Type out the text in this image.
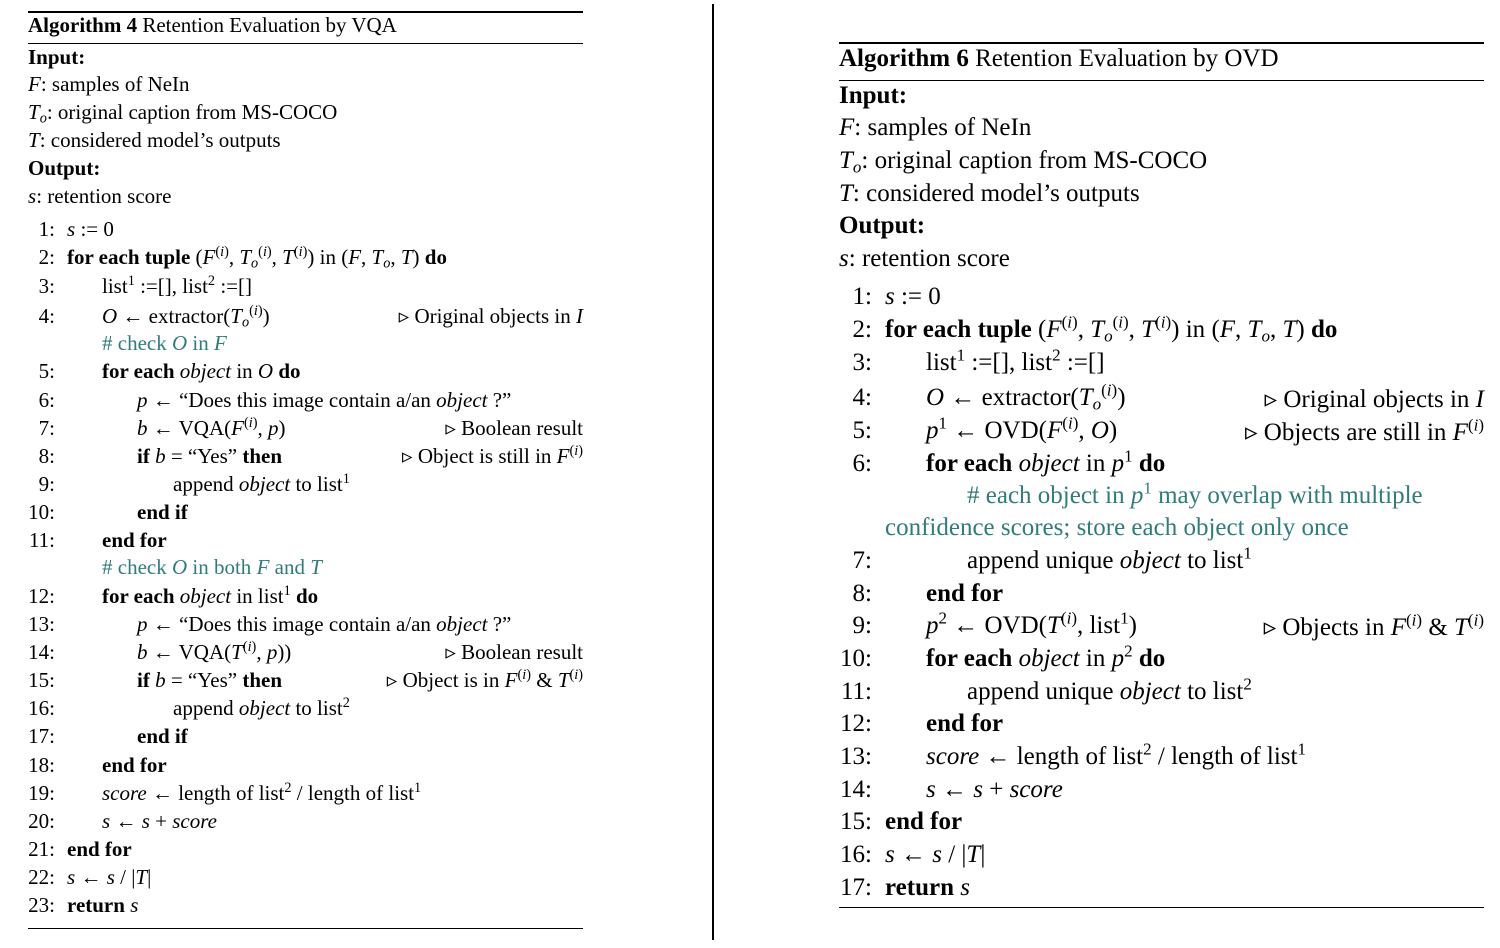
Algorithm 4 Retention Evaluation by VQA
Input:
F: samples of NeIn
$T_o$: original caption from MS-COCO
T: considered model’s outputs
Output:
s: retention score
1: s := 0
2: for each tuple ($F^{(i)}$, $T_o^{(i)}$, $T^{(i)}$) in (F, $T_o$, T) do
3: list$^1$ :=[], list$^2$ :=[]
4: O ← $extractor(T_o^{(i)})$	▹ Original objects in I
# check O in F
5: for each object in O do
6:	p ← “Does this image contain a/an object ?”
7:	b ← $VQA(F^{(i)}$, p)	▹ Boolean result
8:	if b = “Yes” then	▹ Object is still in $F^{(i)}$
9:	append object to list$^1$
10:	end if
11: end for
# check O in both F and T
12: for each object in list$^1$ do
13:	p ← “Does this image contain a/an object ?”
14:	b ← $VQA(T^{(i)}$, p))	▹ Boolean result
15:	if b = “Yes” then	▹ Object is in $F^{(i)}$ & $T^{(i)}$
16:	append object to list$^2$
17:	end if
18: end for
19: score ← length of list$^2$ / length of list$^1$
20: s ← s + score
21: end for
22: s ← s / |T|
23: return s
Algorithm 6 Retention Evaluation by OVD
Input:
F: samples of NeIn
$T_o$: original caption from MS-COCO
T: considered model’s outputs
Output:
s: retention score
1: s := 0
2: for each tuple ($F^{(i)}$, $T_o^{(i)}$, $T^{(i)}$) in (F, $T_o$, T) do
3: list$^1$ :=[], list$^2$ :=[]
4: O ← $extractor(T_o^{(i)})$	▹ Original objects in I
5: $p^1$ ← $OVD(F^{(i)}$, O)	▹ Objects are still in $F^{(i)}$
6: for each object in $p^1$ do
# each object in $p^1$ may overlap with multiple
confidence scores; store each object only once
7:	append unique object to list$^1$
8: end for
9: $p^2$ ← $OVD(T^{(i)}$, list$^1$)	▹ Objects in $F^{(i)}$ & $T^{(i)}$
10: for each object in $p^2$ do
11:	append unique object to list$^2$
12: end for
13: score ← length of list$^2$ / length of list$^1$
14: s ← s + score
15: end for
16: s ← s / |T|
17: return s
